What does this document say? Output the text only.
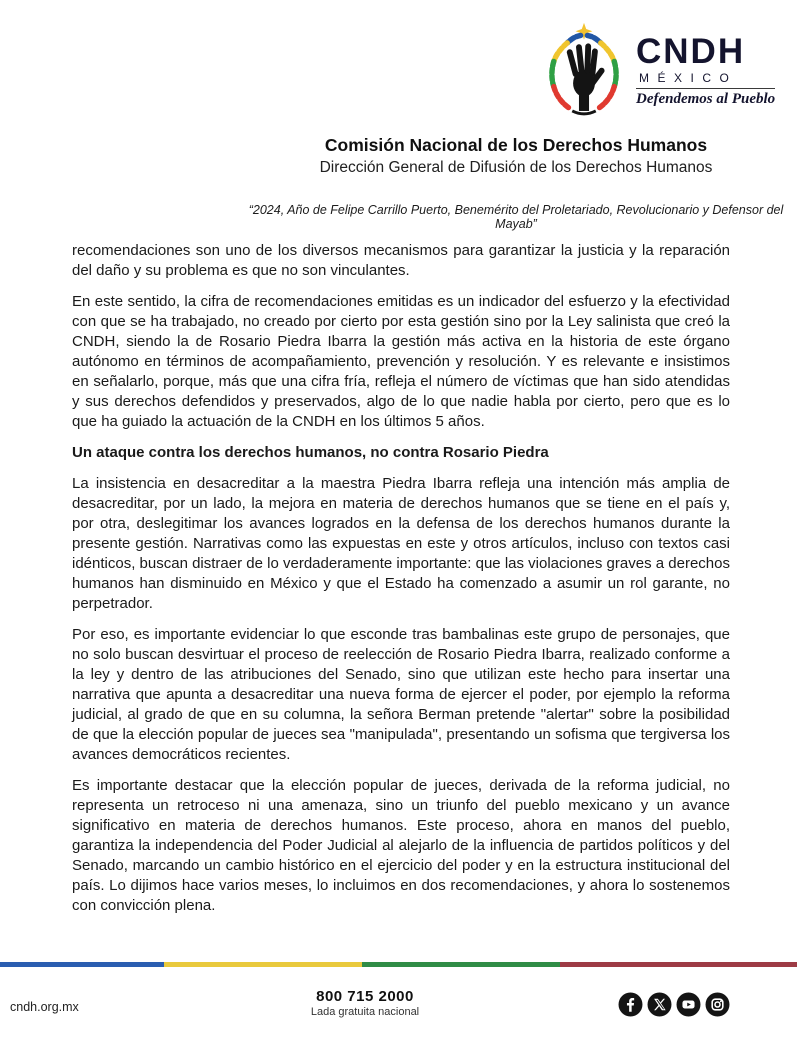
CNDH
MÉXICO
Defendemos al Pueblo
Comisión Nacional de los Derechos Humanos
Dirección General de Difusión de los Derechos Humanos
“2024, Año de Felipe Carrillo Puerto, Benemérito del Proletariado, Revolucionario y Defensor del Mayab”

recomendaciones son uno de los diversos mecanismos para garantizar la justicia y la reparación del daño y su problema es que no son vinculantes.

En este sentido, la cifra de recomendaciones emitidas es un indicador del esfuerzo y la efectividad con que se ha trabajado, no creado por cierto por esta gestión sino por la Ley salinista que creó la CNDH, siendo la de Rosario Piedra Ibarra la gestión más activa en la historia de este órgano autónomo en términos de acompañamiento, prevención y resolución. Y es relevante e insistimos en señalarlo, porque, más que una cifra fría, refleja el número de víctimas que han sido atendidas y sus derechos defendidos y preservados, algo de lo que nadie habla por cierto, pero que es lo que ha guiado la actuación de la CNDH en los últimos 5 años.

Un ataque contra los derechos humanos, no contra Rosario Piedra

La insistencia en desacreditar a la maestra Piedra Ibarra refleja una intención más amplia de desacreditar, por un lado, la mejora en materia de derechos humanos que se tiene en el país y, por otra, deslegitimar los avances logrados en la defensa de los derechos humanos durante la presente gestión. Narrativas como las expuestas en este y otros artículos, incluso con textos casi idénticos, buscan distraer de lo verdaderamente importante: que las violaciones graves a derechos humanos han disminuido en México y que el Estado ha comenzado a asumir un rol garante, no perpetrador.

Por eso, es importante evidenciar lo que esconde tras bambalinas este grupo de personajes, que no solo buscan desvirtuar el proceso de reelección de Rosario Piedra Ibarra, realizado conforme a la ley y dentro de las atribuciones del Senado, sino que utilizan este hecho para insertar una narrativa que apunta a desacreditar una nueva forma de ejercer el poder, por ejemplo la reforma judicial, al grado de que en su columna, la señora Berman pretende "alertar" sobre la posibilidad de que la elección popular de jueces sea "manipulada", presentando un sofisma que tergiversa los avances democráticos recientes.

Es importante destacar que la elección popular de jueces, derivada de la reforma judicial, no representa un retroceso ni una amenaza, sino un triunfo del pueblo mexicano y un avance significativo en materia de derechos humanos. Este proceso, ahora en manos del pueblo, garantiza la independencia del Poder Judicial al alejarlo de la influencia de partidos políticos y del Senado, marcando un cambio histórico en el ejercicio del poder y en la estructura institucional del país. Lo dijimos hace varios meses, lo incluimos en dos recomendaciones, y ahora lo sostenemos con convicción plena.

cndh.org.mx
800 715 2000
Lada gratuita nacional
